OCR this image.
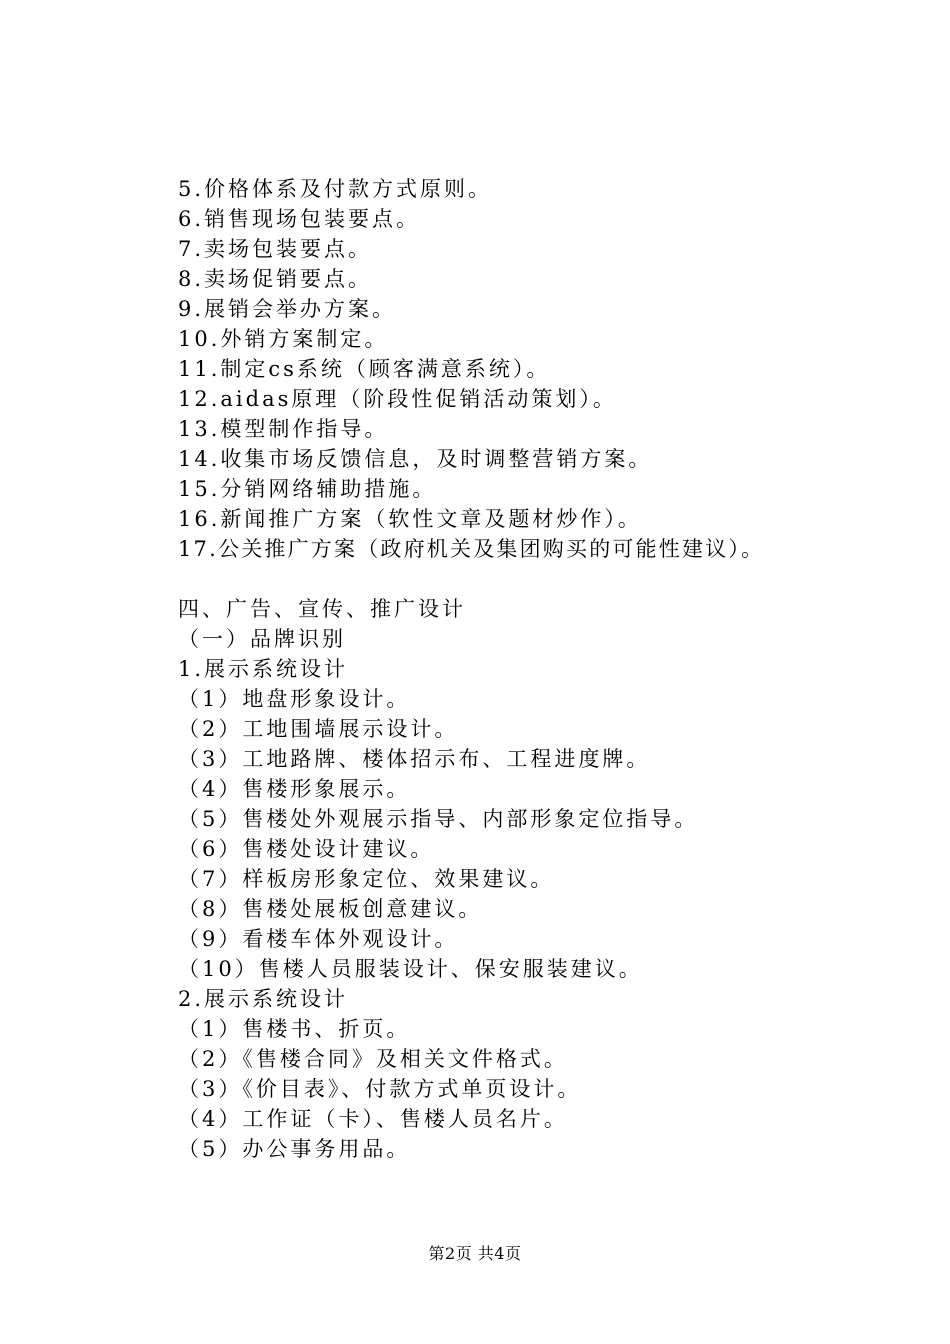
5.价格体系及付款方式原则。
6.销售现场包装要点。
7.卖场包装要点。
8.卖场促销要点。
9.展销会举办方案。
10.外销方案制定。
11.制定cs系统（顾客满意系统）。
12.aidas原理（阶段性促销活动策划）。
13.模型制作指导。
14.收集市场反馈信息，及时调整营销方案。
15.分销网络辅助措施。
16.新闻推广方案（软性文章及题材炒作）。
17.公关推广方案（政府机关及集团购买的可能性建议）。
四、广告、宣传、推广设计
（一）品牌识别
1.展示系统设计
（1）地盘形象设计。
（2）工地围墙展示设计。
（3）工地路牌、楼体招示布、工程进度牌。
（4）售楼形象展示。
（5）售楼处外观展示指导、内部形象定位指导。
（6）售楼处设计建议。
（7）样板房形象定位、效果建议。
（8）售楼处展板创意建议。
（9）看楼车体外观设计。
（10）售楼人员服装设计、保安服装建议。
2.展示系统设计
（1）售楼书、折页。
（2）《售楼合同》及相关文件格式。
（3）《价目表》、付款方式单页设计。
（4）工作证（卡）、售楼人员名片。
（5）办公事务用品。
第2页 共4页
